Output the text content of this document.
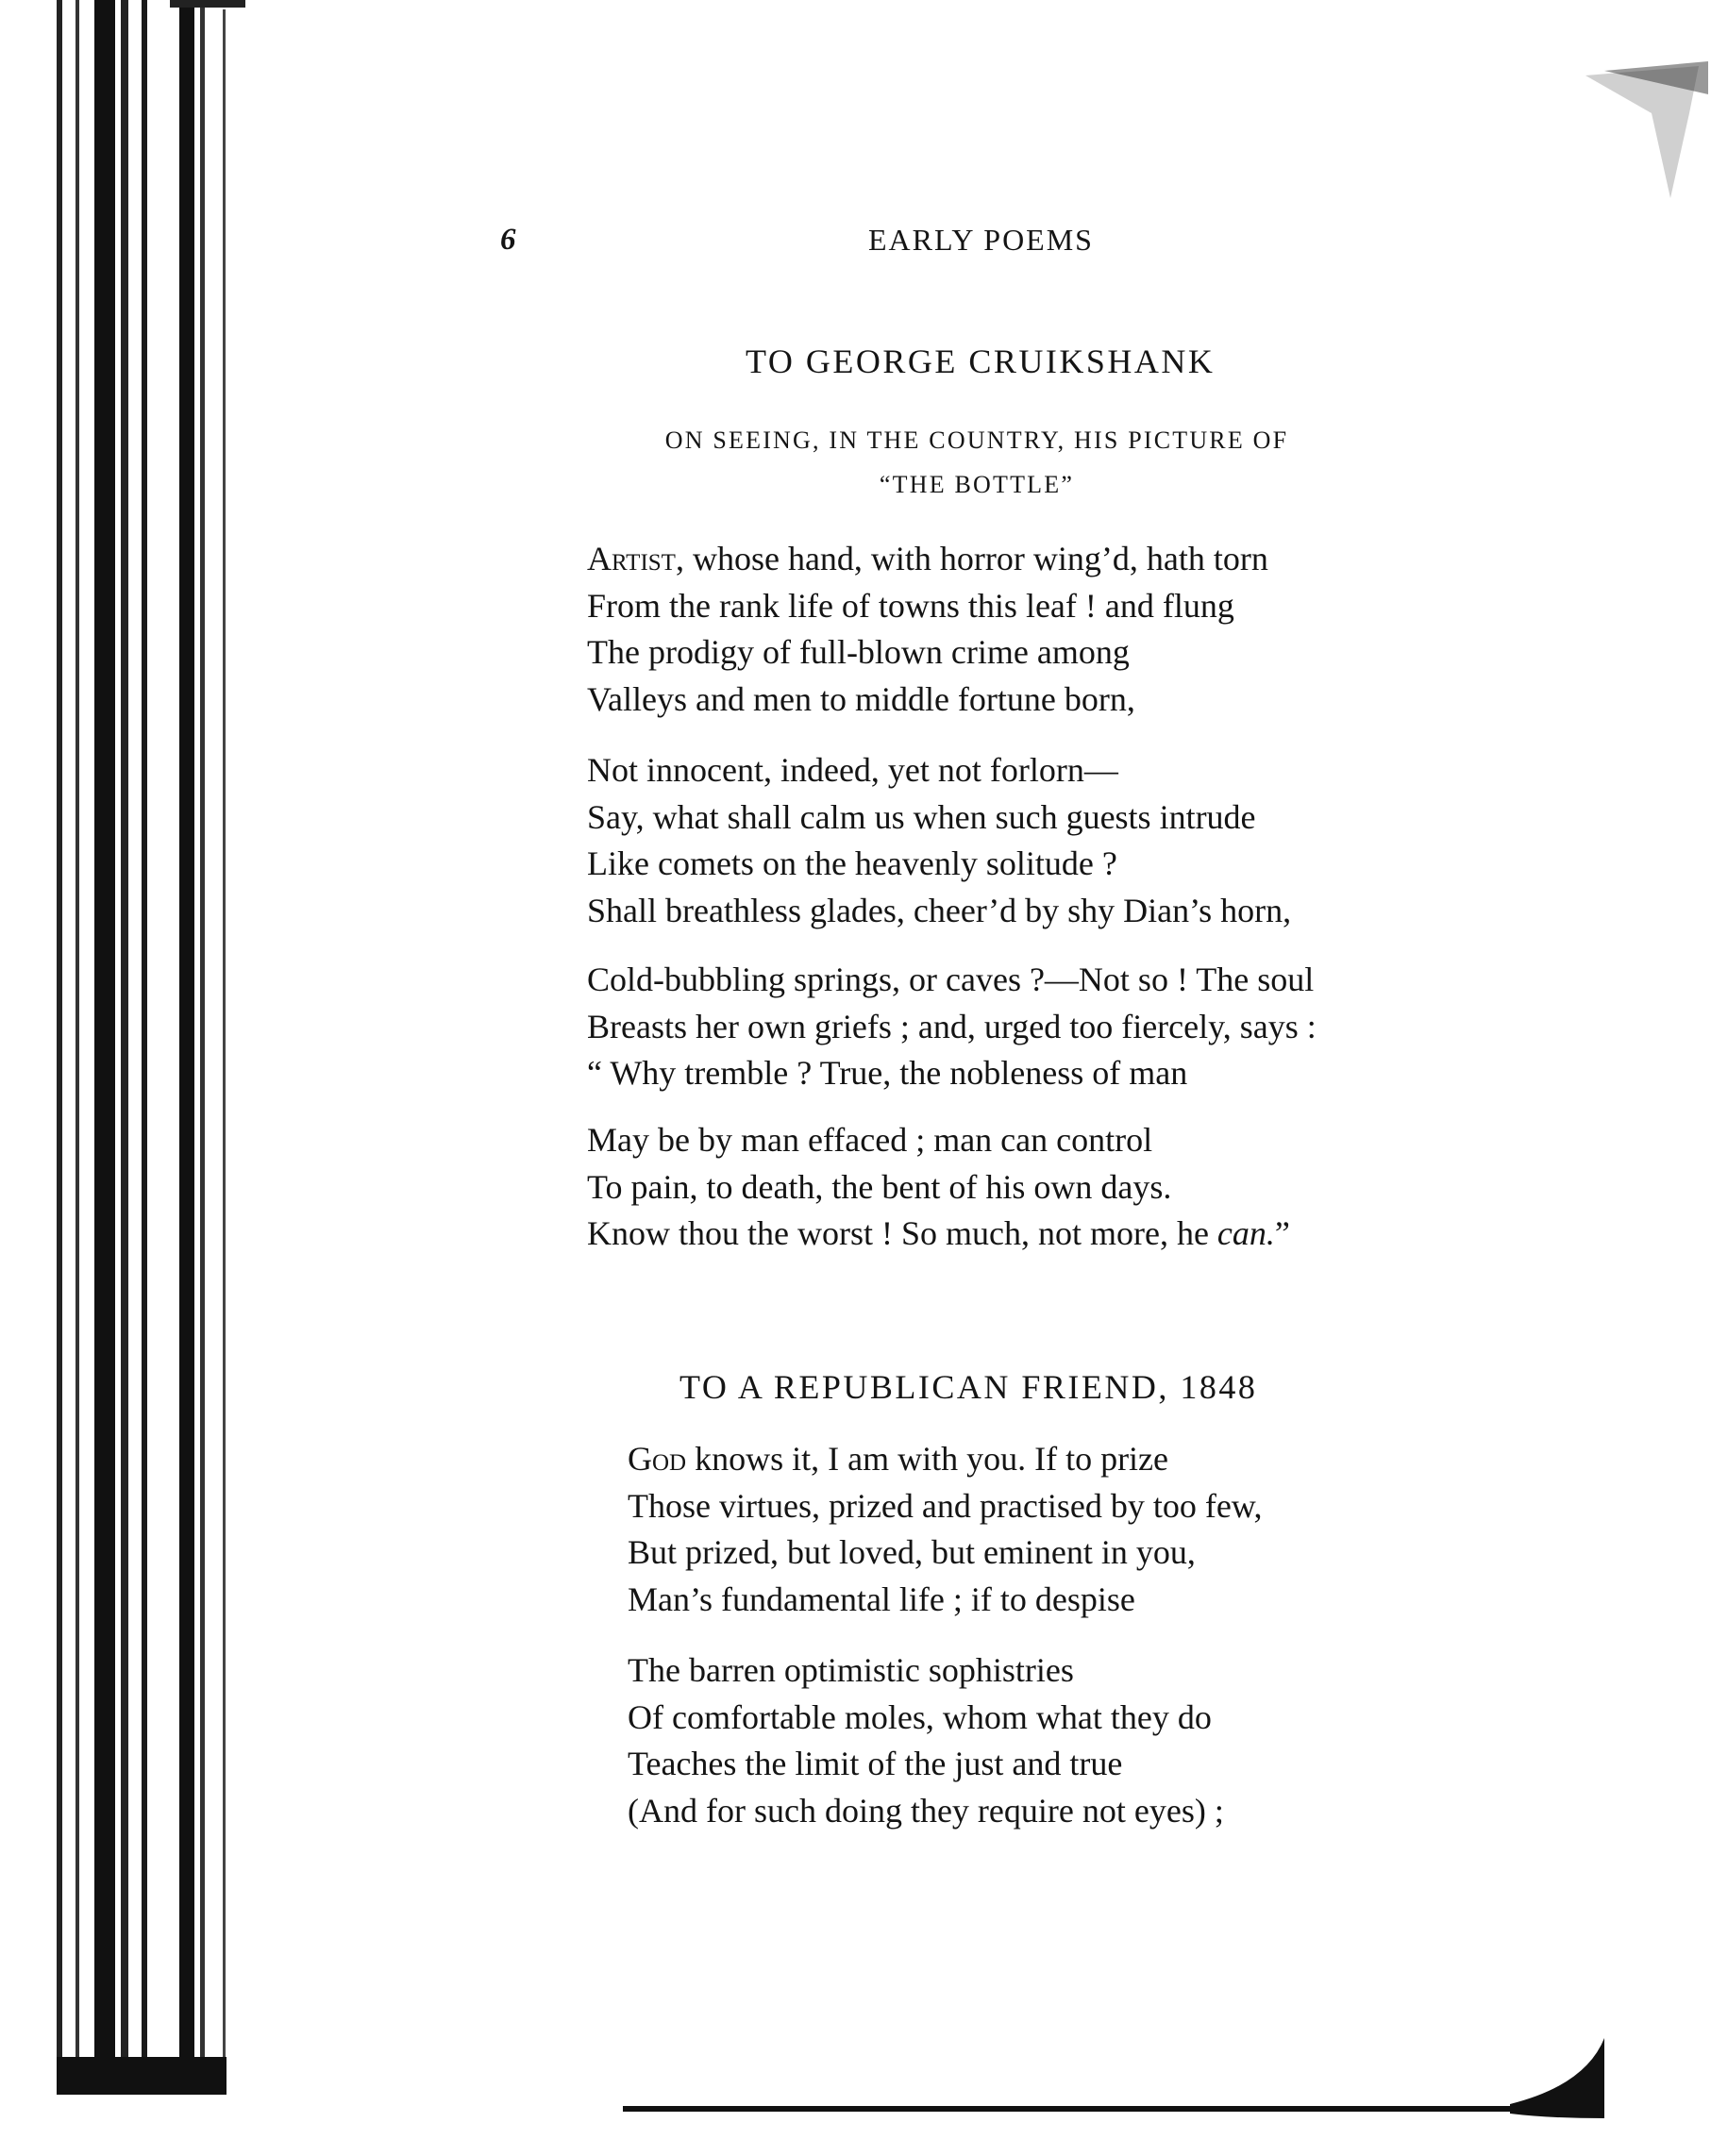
6	EARLY POEMS
TO GEORGE CRUIKSHANK
ON SEEING, IN THE COUNTRY, HIS PICTURE OF
“THE BOTTLE”
Artist, whose hand, with horror wing’d, hath torn
From the rank life of towns this leaf ! and flung
The prodigy of full-blown crime among
Valleys and men to middle fortune born,
Not innocent, indeed, yet not forlorn—
Say, what shall calm us when such guests intrude
Like comets on the heavenly solitude ?
Shall breathless glades, cheer’d by shy Dian’s horn,
Cold-bubbling springs, or caves ?—Not so ! The soul
Breasts her own griefs ; and, urged too fiercely, says :
“ Why tremble ? True, the nobleness of man
May be by man effaced ; man can control
To pain, to death, the bent of his own days.
Know thou the worst ! So much, not more, he can.”
TO A REPUBLICAN FRIEND, 1848
God knows it, I am with you. If to prize
Those virtues, prized and practised by too few,
But prized, but loved, but eminent in you,
Man’s fundamental life ; if to despise
The barren optimistic sophistries
Of comfortable moles, whom what they do
Teaches the limit of the just and true
(And for such doing they require not eyes) ;
